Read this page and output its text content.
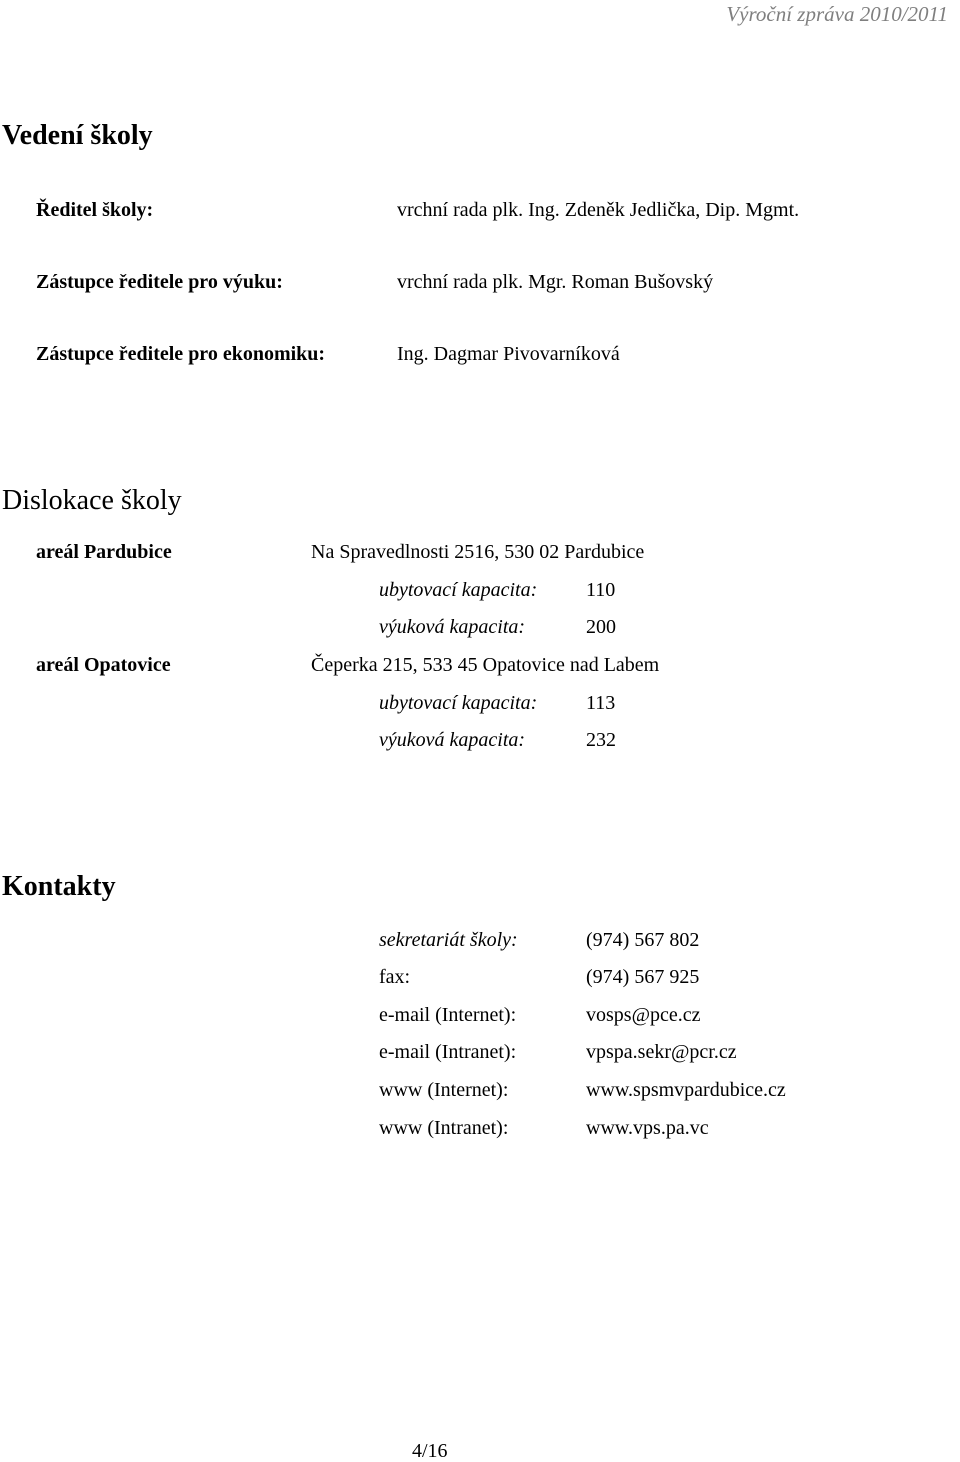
Výroční zpráva 2010/2011
Vedení školy
Ředitel školy:	vrchní rada plk. Ing. Zdeněk Jedlička, Dip. Mgmt.
Zástupce ředitele pro výuku:	vrchní rada plk. Mgr. Roman Bušovský
Zástupce ředitele pro ekonomiku:	Ing. Dagmar Pivovarníková
Dislokace školy
areál Pardubice	Na Spravedlnosti 2516, 530 02 Pardubice
ubytovací kapacita: 110
výuková kapacita:	200
areál Opatovice	Čeperka 215, 533 45 Opatovice nad Labem
ubytovací kapacita: 113
výuková kapacita:	232
Kontakty
sekretariát školy:	(974) 567 802
fax:	(974) 567 925
e-mail (Internet):	vosps@pce.cz
e-mail (Intranet):	vpspa.sekr@pcr.cz
www (Internet):	www.spsmvpardubice.cz
www (Intranet):	www.vps.pa.vc
4/16
